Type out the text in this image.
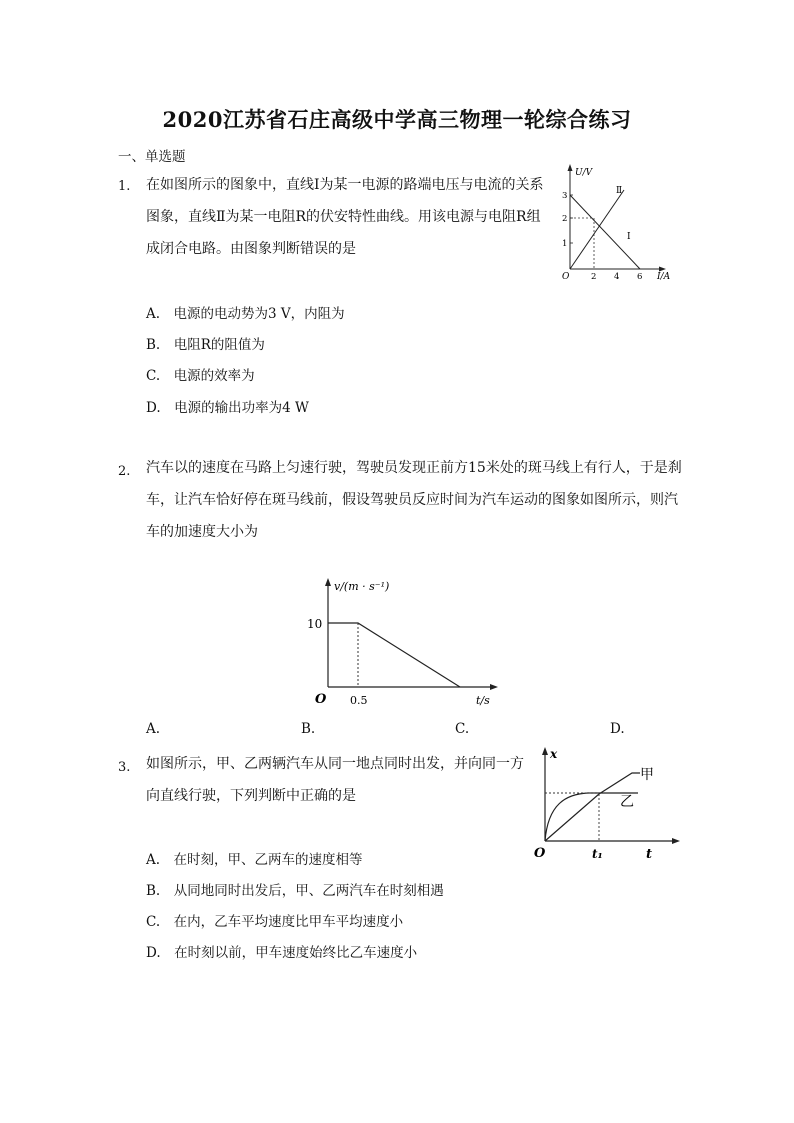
2020江苏省石庄高级中学高三物理一轮综合练习
一、单选题
1. 在如图所示的图象中，直线Ⅰ为某一电源的路端电压与电流的关系图象，直线Ⅱ为某一电阻R的伏安特性曲线。用该电源与电阻R组成闭合电路。由图象判断错误的是
U/V
I/A
O
1
2
3
2 4 6
Ⅱ
Ⅰ
A.　电源的电动势为3 V，内阻为
B.　电阻R的阻值为
C.　电源的效率为
D.　电源的输出功率为4 W
2. 汽车以的速度在马路上匀速行驶，驾驶员发现正前方15米处的斑马线上有行人，于是刹车，让汽车恰好停在斑马线前，假设驾驶员反应时间为汽车运动的图象如图所示，则汽车的加速度大小为
v/(m · s⁻¹)
10
O 0.5	t/s
A.	B.	C.	D.
3. 如图所示，甲、乙两辆汽车从同一地点同时出发，并向同一方向直线行驶，下列判断中正确的是
x
O	t₁	t
甲
乙
A.　在时刻，甲、乙两车的速度相等
B.　从同地同时出发后，甲、乙两汽车在时刻相遇
C.　在内，乙车平均速度比甲车平均速度小
D.　在时刻以前，甲车速度始终比乙车速度小
